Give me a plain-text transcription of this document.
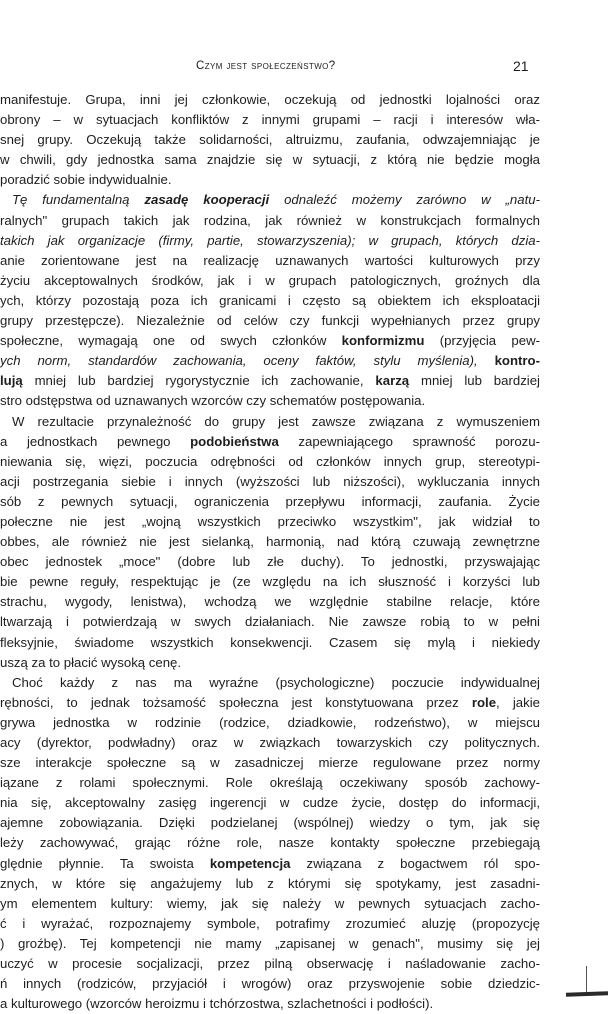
Czym jest społeczeństwo?	21
manifestuje. Grupa, inni jej członkowie, oczekują od jednostki lojalności oraz
obrony – w sytuacjach konfliktów z innymi grupami – racji i interesów wła-
snej grupy. Oczekują także solidarności, altruizmu, zaufania, odwzajemniając je
w chwili, gdy jednostka sama znajdzie się w sytuacji, z którą nie będzie mogła
poradzić sobie indywidualnie.
Tę fundamentalną zasadę kooperacji odnaleźć możemy zarówno w „natu-
ralnych" grupach takich jak rodzina, jak również w konstrukcjach formalnych
takich jak organizacje (firmy, partie, stowarzyszenia); w grupach, których dzia-
anie zorientowane jest na realizację uznawanych wartości kulturowych przy
życiu akceptowalnych środków, jak i w grupach patologicznych, groźnych dla
ych, którzy pozostają poza ich granicami i często są obiektem ich eksploatacji
grupy przestępcze). Niezależnie od celów czy funkcji wypełnianych przez grupy
społeczne, wymagają one od swych członków konformizmu (przyjęcia pew-
ych norm, standardów zachowania, oceny faktów, stylu myślenia), kontro-
lują mniej lub bardziej rygorystycznie ich zachowanie, karzą mniej lub bardziej
stro odstępstwa od uznawanych wzorców czy schematów postępowania.
W rezultacie przynależność do grupy jest zawsze związana z wymuszeniem
a jednostkach pewnego podobieństwa zapewniającego sprawność porozu-
niewania się, więzi, poczucia odrębności od członków innych grup, stereotypi-
acji postrzegania siebie i innych (wyższości lub niższości), wykluczania innych
sób z pewnych sytuacji, ograniczenia przepływu informacji, zaufania. Życie
połeczne nie jest „wojną wszystkich przeciwko wszystkim", jak widział to
obbes, ale również nie jest sielanką, harmonią, nad którą czuwają zewnętrzne
obec jednostek „moce" (dobre lub złe duchy). To jednostki, przyswajając
bie pewne reguły, respektując je (ze względu na ich słuszność i korzyści lub
strachu, wygody, lenistwa), wchodzą we względnie stabilne relacje, które
ltwarzają i potwierdzają w swych działaniach. Nie zawsze robią to w pełni
fleksyjnie, świadome wszystkich konsekwencji. Czasem się mylą i niekiedy
uszą za to płacić wysoką cenę.
Choć każdy z nas ma wyraźne (psychologiczne) poczucie indywidualnej
rębności, to jednak tożsamość społeczna jest konstytuowana przez role, jakie
grywa jednostka w rodzinie (rodzice, dziadkowie, rodzeństwo), w miejscu
acy (dyrektor, podwładny) oraz w związkach towarzyskich czy politycznych.
sze interakcje społeczne są w zasadniczej mierze regulowane przez normy
iązane z rolami społecznymi. Role określają oczekiwany sposób zachowy-
nia się, akceptowalny zasięg ingerencji w cudze życie, dostęp do informacji,
ajemne zobowiązania. Dzięki podzielanej (wspólnej) wiedzy o tym, jak się
leży zachowywać, grając różne role, nasze kontakty społeczne przebiegają
ględnie płynnie. Ta swoista kompetencja związana z bogactwem ról spo-
znych, w które się angażujemy lub z którymi się spotykamy, jest zasadni-
ym elementem kultury: wiemy, jak się należy w pewnych sytuacjach zacho-
ć i wyrażać, rozpoznajemy symbole, potrafimy zrozumieć aluzję (propozycję
) groźbę). Tej kompetencji nie mamy „zapisanej w genach", musimy się jej
uczyć w procesie socjalizacji, przez pilną obserwację i naśladowanie zacho-
ń innych (rodziców, przyjaciół i wrogów) oraz przyswojenie sobie dziedzic-
a kulturowego (wzorców heroizmu i tchórzostwa, szlachetności i podłości).
